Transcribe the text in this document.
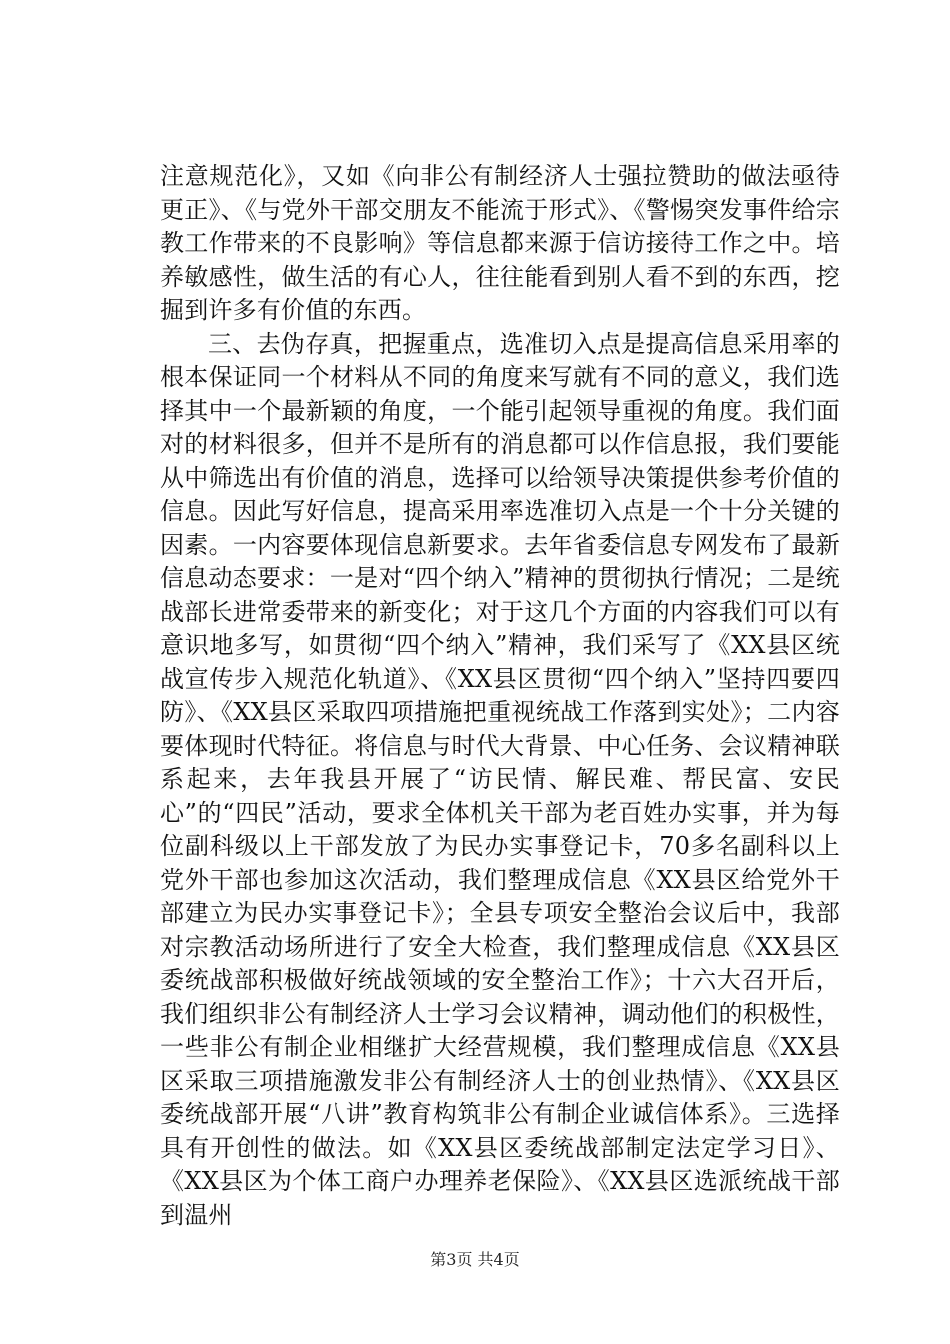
注意规范化》，又如《向非公有制经济人士强拉赞助的做法亟待更正》、《与党外干部交朋友不能流于形式》、《警惕突发事件给宗教工作带来的不良影响》等信息都来源于信访接待工作之中。培养敏感性，做生活的有心人，往往能看到别人看不到的东西，挖掘到许多有价值的东西。

三、去伪存真，把握重点，选准切入点是提高信息采用率的根本保证同一个材料从不同的角度来写就有不同的意义，我们选择其中一个最新颖的角度，一个能引起领导重视的角度。我们面对的材料很多，但并不是所有的消息都可以作信息报，我们要能从中筛选出有价值的消息，选择可以给领导决策提供参考价值的信息。因此写好信息，提高采用率选准切入点是一个十分关键的因素。一内容要体现信息新要求。去年省委信息专网发布了最新信息动态要求：一是对“四个纳入”精神的贯彻执行情况；二是统战部长进常委带来的新变化；对于这几个方面的内容我们可以有意识地多写，如贯彻“四个纳入”精神，我们采写了《XX县区统战宣传步入规范化轨道》、《XX县区贯彻“四个纳入”坚持四要四防》、《XX县区采取四项措施把重视统战工作落到实处》；二内容要体现时代特征。将信息与时代大背景、中心任务、会议精神联系起来，去年我县开展了“访民情、解民难、帮民富、安民心”的“四民”活动，要求全体机关干部为老百姓办实事，并为每位副科级以上干部发放了为民办实事登记卡，70多名副科以上党外干部也参加这次活动，我们整理成信息《XX县区给党外干部建立为民办实事登记卡》；全县专项安全整治会议后中，我部对宗教活动场所进行了安全大检查，我们整理成信息《XX县区委统战部积极做好统战领域的安全整治工作》；十六大召开后，我们组织非公有制经济人士学习会议精神，调动他们的积极性，一些非公有制企业相继扩大经营规模，我们整理成信息《XX县区采取三项措施激发非公有制经济人士的创业热情》、《XX县区委统战部开展“八讲”教育构筑非公有制企业诚信体系》。三选择具有开创性的做法。如《XX县区委统战部制定法定学习日》、《XX县区为个体工商户办理养老保险》、《XX县区选派统战干部到温州

第3页 共4页
